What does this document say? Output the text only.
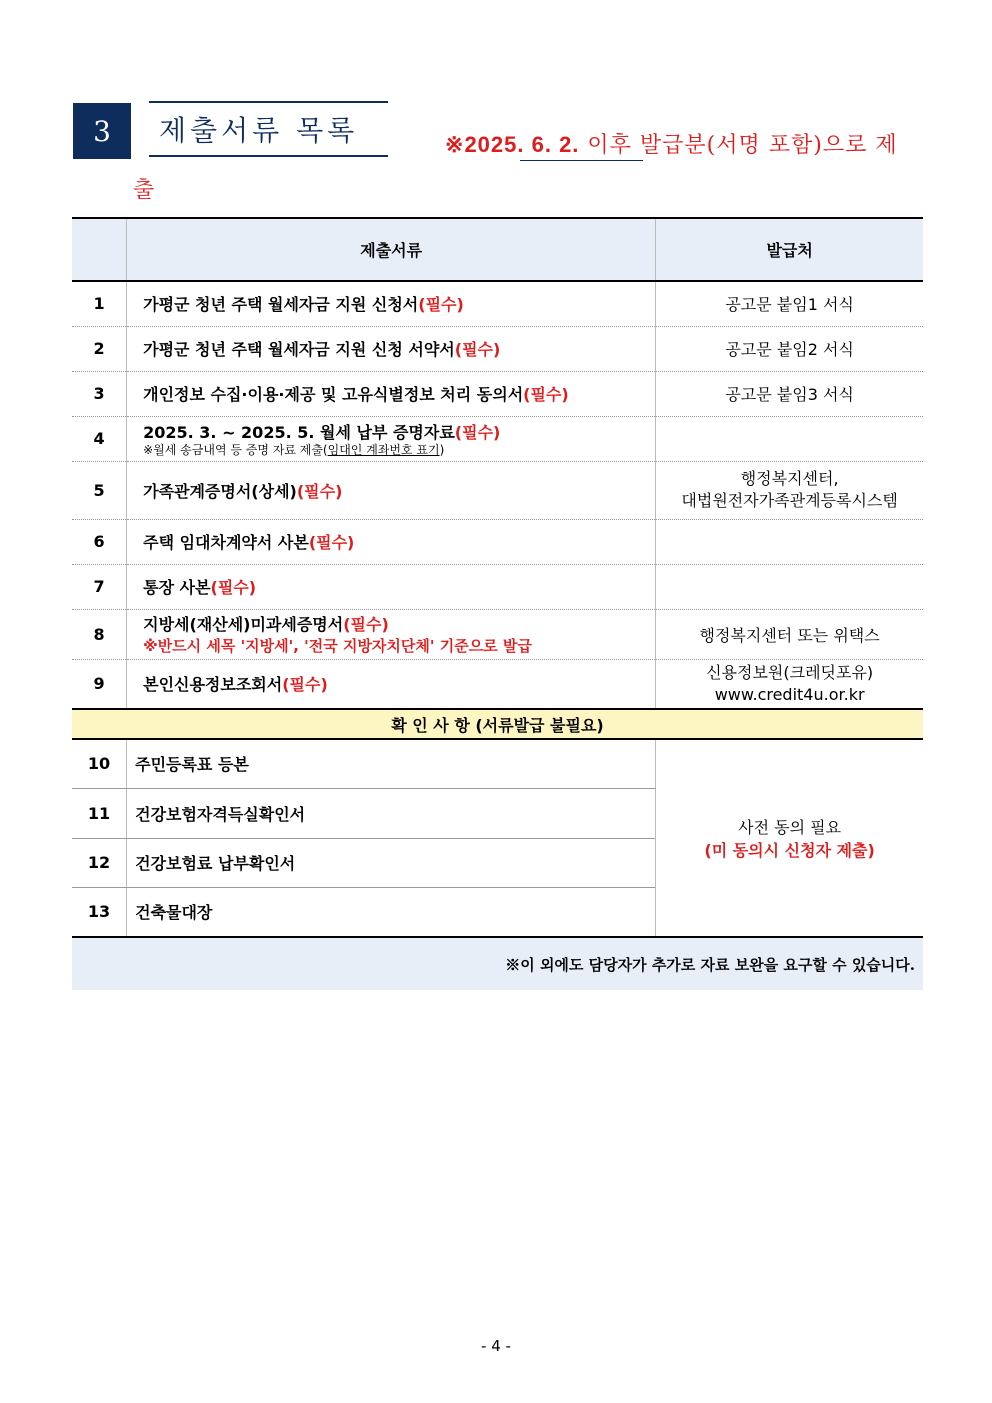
3	제출서류 목록	※2025. 6. 2. 이후 발급분(서명 포함)으로 제
출
	제출서류	발급처
1	가평군 청년 주택 월세자금 지원 신청서(필수)	공고문 붙임1 서식
2	가평군 청년 주택 월세자금 지원 신청 서약서(필수)	공고문 붙임2 서식
3	개인정보 수집·이용·제공 및 고유식별정보 처리 동의서(필수)	공고문 붙임3 서식
4	2025. 3. ~ 2025. 5. 월세 납부 증명자료(필수)
※월세 송금내역 등 증명 자료 제출(임대인 계좌번호 표기)	

5	가족관계증명서(상세)(필수)	행정복지센터,
대법원전자가족관계등록시스템
6	주택 임대차계약서 사본(필수)	
7	통장 사본(필수)	
8	지방세(재산세)미과세증명서(필수)
※반드시 세목 '지방세', '전국 지방자치단체' 기준으로 발급	행정복지센터 또는 위택스
9	본인신용정보조회서(필수)	신용정보원(크레딧포유)
www.credit4u.or.kr
확 인 사 항 (서류발급 불필요)		
10	주민등록표 등본	사전 동의 필요
(미 동의시 신청자 제출)

11	건강보험자격득실확인서	
12	건강보험료 납부확인서	
13	건축물대장	
※이 외에도 담당자가 추가로 자료 보완을 요구할 수 있습니다.		
- 4 -
